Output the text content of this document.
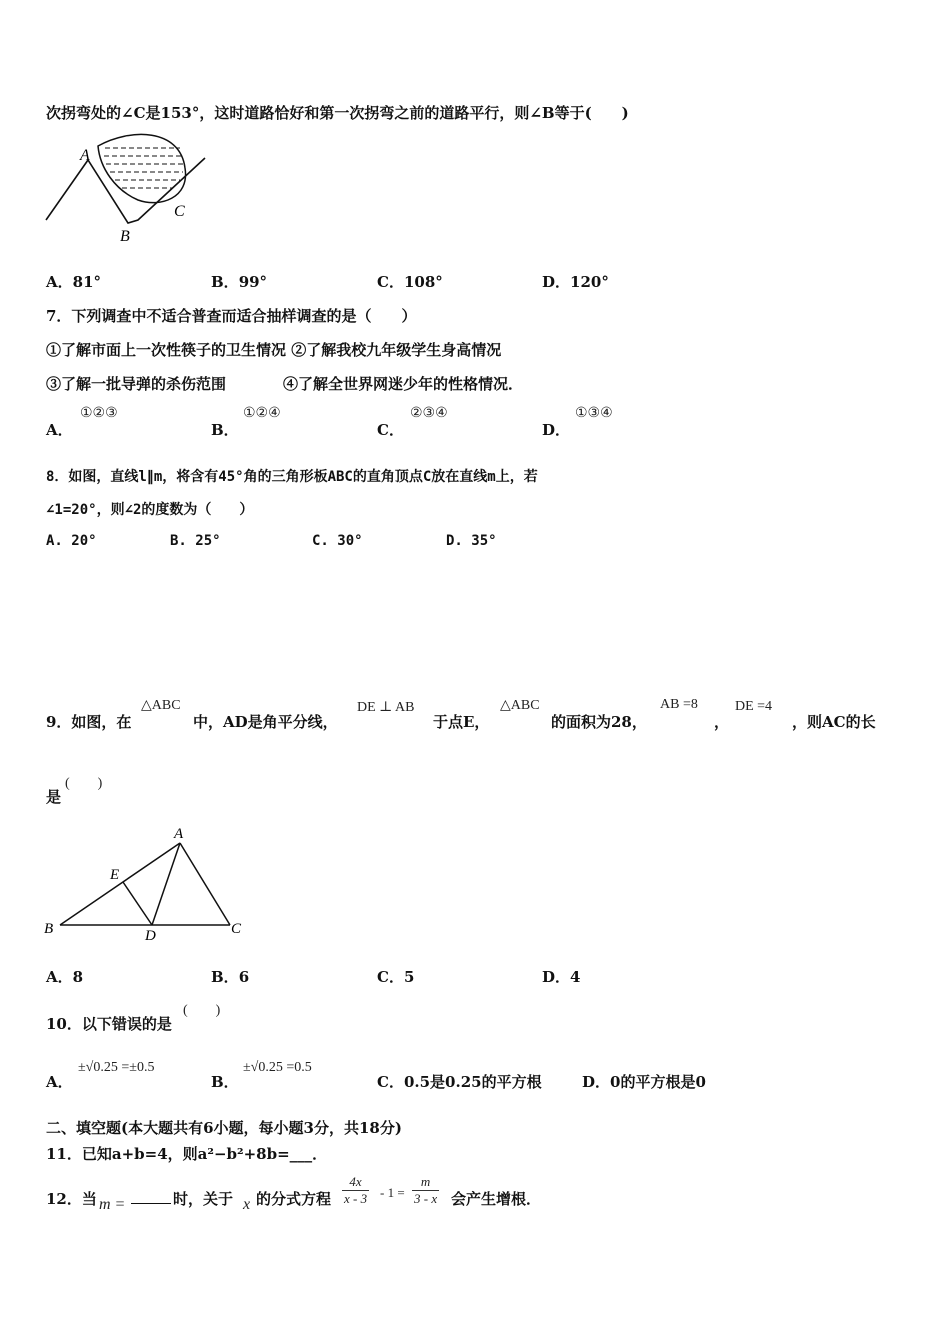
次拐弯处的∠C是153°，这时道路恰好和第一次拐弯之前的道路平行，则∠B等于(　　)
A
B
C
A．81°	B．99°	C．108°	D．120°
7．下列调查中不适合普查而适合抽样调查的是（　　）
①了解市面上一次性筷子的卫生情况 ②了解我校九年级学生身高情况
③了解一批导弹的杀伤范围	④了解全世界网迷少年的性格情况．
A．
①②③
B．
①②④
C．
②③④
D．
①③④
8．如图，直线l∥m，将含有45°角的三角形板ABC的直角顶点C放在直线m上，若
∠1=20°，则∠2的度数为（　　）
A. 20°	B. 25°	C. 30°	D. 35°
9．如图，在
△ABC
中，AD是角平分线，
DE ⊥ AB
于点E，
△ABC
的面积为28，
AB =8
，
DE =4
，则AC的长
是
(　　)
A
B	C
D
E
A．8	B．6	C．5	D．4
10．以下错误的是
(　　)
A．
±√0.25 =±0.5
B．
±√0.25 =0.5
C．0.5是0.25的平方根	D．0的平方根是0
二、填空题(本大题共有6小题，每小题3分，共18分)
11．已知a+b=4，则a²−b²+8b=___．
12．当 m =	时，关于 x 的分式方程 $\frac{4x}{x - 3} - 1 = \frac{m}{3 - x}$ 会产生增根．
